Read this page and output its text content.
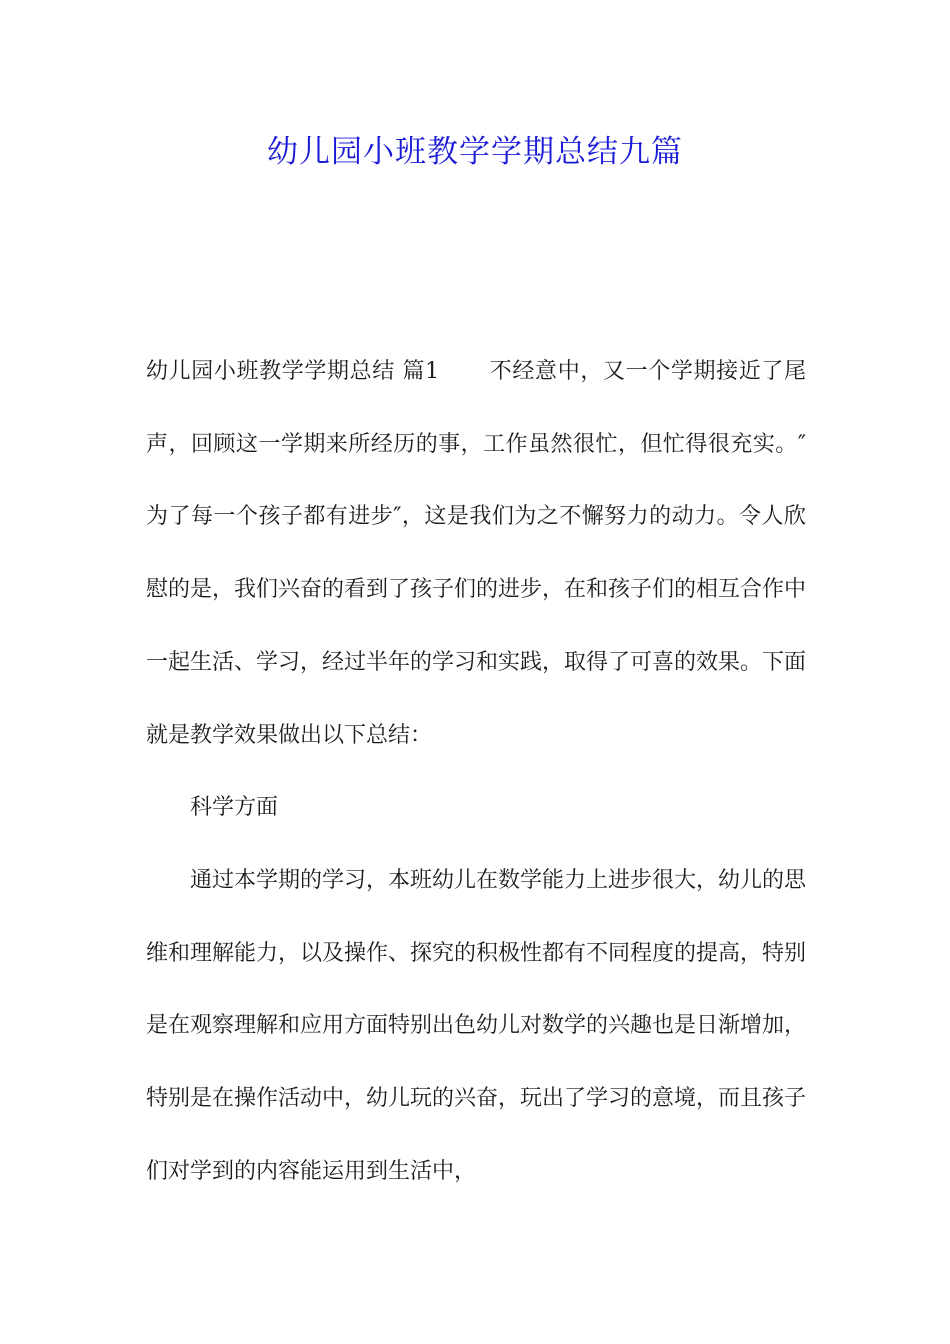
幼儿园小班教学学期总结九篇

幼儿园小班教学学期总结 篇1 不经意中，又一个学期接近了尾声，回顾这一学期来所经历的事，工作虽然很忙，但忙得很充实。″为了每一个孩子都有进步″，这是我们为之不懈努力的动力。令人欣慰的是，我们兴奋的看到了孩子们的进步，在和孩子们的相互合作中一起生活、学习，经过半年的学习和实践，取得了可喜的效果。下面就是教学效果做出以下总结：

科学方面

通过本学期的学习，本班幼儿在数学能力上进步很大，幼儿的思维和理解能力，以及操作、探究的积极性都有不同程度的提高，特别是在观察理解和应用方面特别出色幼儿对数学的兴趣也是日渐增加，特别是在操作活动中，幼儿玩的兴奋，玩出了学习的意境，而且孩子们对学到的内容能运用到生活中，
